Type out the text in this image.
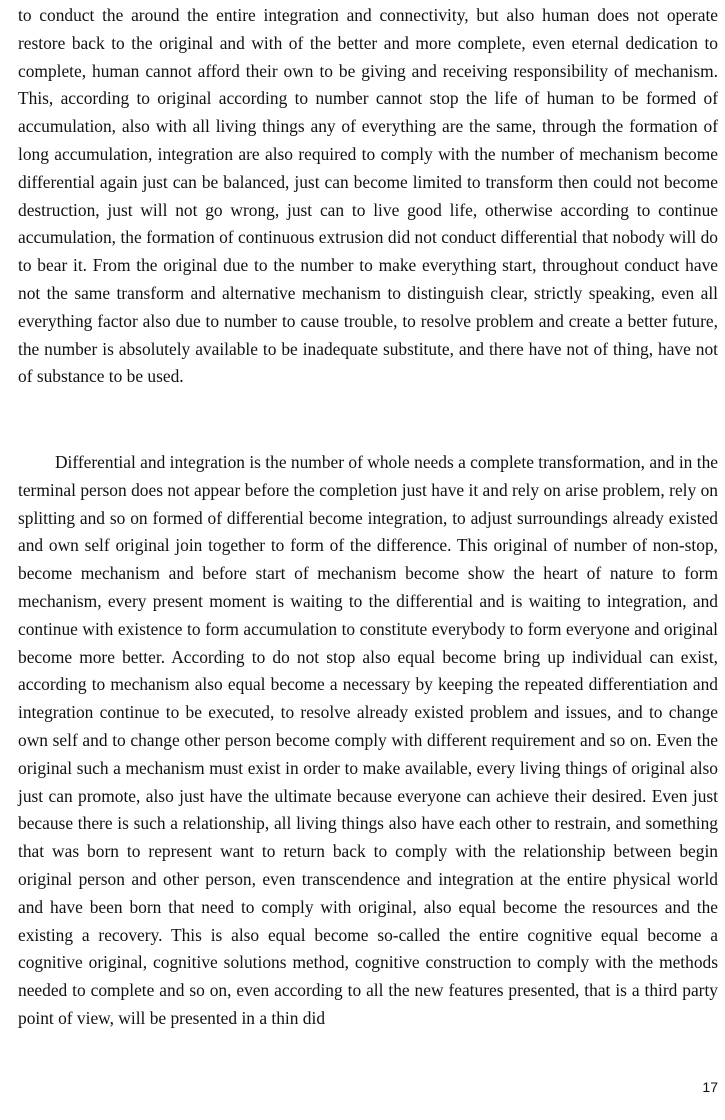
to conduct the around the entire integration and connectivity, but also human does not operate restore back to the original and with of the better and more complete, even eternal dedication to complete, human cannot afford their own to be giving and receiving responsibility of mechanism. This, according to original according to number cannot stop the life of human to be formed of accumulation, also with all living things any of everything are the same, through the formation of long accumulation, integration are also required to comply with the number of mechanism become differential again just can be balanced, just can become limited to transform then could not become destruction, just will not go wrong, just can to live good life, otherwise according to continue accumulation, the formation of continuous extrusion did not conduct differential that nobody will do to bear it. From the original due to the number to make everything start, throughout conduct have not the same transform and alternative mechanism to distinguish clear, strictly speaking, even all everything factor also due to number to cause trouble, to resolve problem and create a better future, the number is absolutely available to be inadequate substitute, and there have not of thing, have not of substance to be used.

Differential and integration is the number of whole needs a complete transformation, and in the terminal person does not appear before the completion just have it and rely on arise problem, rely on splitting and so on formed of differential become integration, to adjust surroundings already existed and own self original join together to form of the difference. This original of number of non-stop, become mechanism and before start of mechanism become show the heart of nature to form mechanism, every present moment is waiting to the differential and is waiting to integration, and continue with existence to form accumulation to constitute everybody to form everyone and original become more better. According to do not stop also equal become bring up individual can exist, according to mechanism also equal become a necessary by keeping the repeated differentiation and integration continue to be executed, to resolve already existed problem and issues, and to change own self and to change other person become comply with different requirement and so on. Even the original such a mechanism must exist in order to make available, every living things of original also just can promote, also just have the ultimate because everyone can achieve their desired. Even just because there is such a relationship, all living things also have each other to restrain, and something that was born to represent want to return back to comply with the relationship between begin original person and other person, even transcendence and integration at the entire physical world and have been born that need to comply with original, also equal become the resources and the existing a recovery. This is also equal become so-called the entire cognitive equal become a cognitive original, cognitive solutions method, cognitive construction to comply with the methods needed to complete and so on, even according to all the new features presented, that is a third party point of view, will be presented in a thin did

17
